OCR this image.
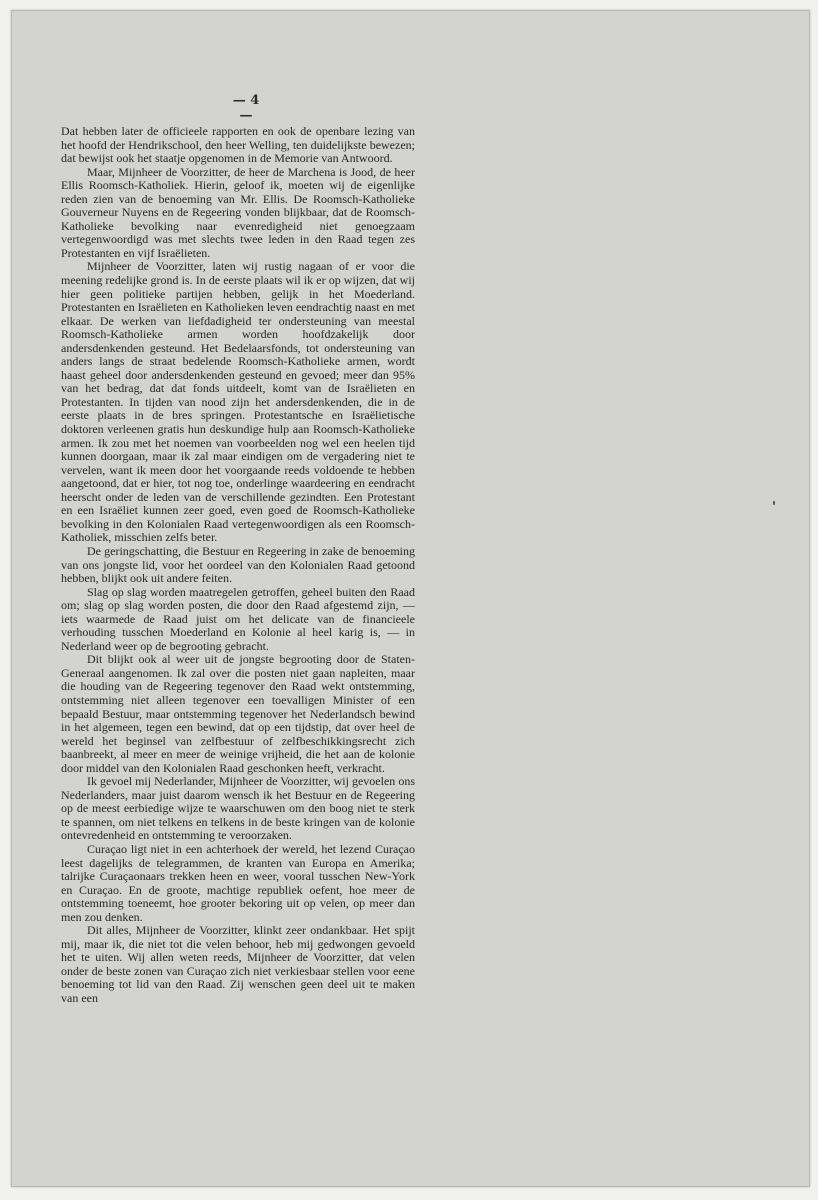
— 4 —

Dat hebben later de officieele rapporten en ook de openbare lezing van het hoofd der Hendrikschool, den heer Welling, ten duidelijkste bewezen; dat bewijst ook het staatje opgenomen in de Memorie van Antwoord.

Maar, Mijnheer de Voorzitter, de heer de Marchena is Jood, de heer Ellis Roomsch-Katholiek. Hierin, geloof ik, moeten wij de eigenlijke reden zien van de benoeming van Mr. Ellis. De Roomsch-Katholieke Gouverneur Nuyens en de Regeering vonden blijkbaar, dat de Roomsch-Katholieke bevolking naar evenredigheid niet genoegzaam vertegenwoordigd was met slechts twee leden in den Raad tegen zes Protestanten en vijf Israëlieten.

Mijnheer de Voorzitter, laten wij rustig nagaan of er voor die meening redelijke grond is. In de eerste plaats wil ik er op wijzen, dat wij hier geen politieke partijen hebben, gelijk in het Moederland. Protestanten en Israëlieten en Katholieken leven eendrachtig naast en met elkaar. De werken van liefdadigheid ter ondersteuning van meestal Roomsch-Katholieke armen worden hoofdzakelijk door andersdenkenden gesteund. Het Bedelaarsfonds, tot ondersteuning van anders langs de straat bedelende Roomsch-Katholieke armen, wordt haast geheel door andersdenkenden gesteund en gevoed; meer dan 95% van het bedrag, dat dat fonds uitdeelt, komt van de Israëlieten en Protestanten. In tijden van nood zijn het andersdenkenden, die in de eerste plaats in de bres springen. Protestantsche en Israëlietische doktoren verleenen gratis hun deskundige hulp aan Roomsch-Katholieke armen. Ik zou met het noemen van voorbeelden nog wel een heelen tijd kunnen doorgaan, maar ik zal maar eindigen om de vergadering niet te vervelen, want ik meen door het voorgaande reeds voldoende te hebben aangetoond, dat er hier, tot nog toe, onderlinge waardeering en eendracht heerscht onder de leden van de verschillende gezindten. Een Protestant en een Israëliet kunnen zeer goed, even goed de Roomsch-Katholieke bevolking in den Kolonialen Raad vertegenwoordigen als een Roomsch-Katholiek, misschien zelfs beter.

De geringschatting, die Bestuur en Regeering in zake de benoeming van ons jongste lid, voor het oordeel van den Kolonialen Raad getoond hebben, blijkt ook uit andere feiten.

Slag op slag worden maatregelen getroffen, geheel buiten den Raad om; slag op slag worden posten, die door den Raad afgestemd zijn, — iets waarmede de Raad juist om het delicate van de financieele verhouding tusschen Moederland en Kolonie al heel karig is, — in Nederland weer op de begrooting gebracht.

Dit blijkt ook al weer uit de jongste begrooting door de Staten-Generaal aangenomen. Ik zal over die posten niet gaan napleiten, maar die houding van de Regeering tegenover den Raad wekt ontstemming, ontstemming niet alleen tegenover een toevalligen Minister of een bepaald Bestuur, maar ontstemming tegenover het Nederlandsch bewind in het algemeen, tegen een bewind, dat op een tijdstip, dat over heel de wereld het beginsel van zelfbestuur of zelfbeschikkingsrecht zich baanbreekt, al meer en meer de weinige vrijheid, die het aan de kolonie door middel van den Kolonialen Raad geschonken heeft, verkracht.

Ik gevoel mij Nederlander, Mijnheer de Voorzitter, wij gevoelen ons Nederlanders, maar juist daarom wensch ik het Bestuur en de Regeering op de meest eerbiedige wijze te waarschuwen om den boog niet te sterk te spannen, om niet telkens en telkens in de beste kringen van de kolonie ontevredenheid en ontstemming te veroorzaken.

Curaçao ligt niet in een achterhoek der wereld, het lezend Curaçao leest dagelijks de telegrammen, de kranten van Europa en Amerika; talrijke Curaçaonaars trekken heen en weer, vooral tusschen New-York en Curaçao. En de groote, machtige republiek oefent, hoe meer de ontstemming toeneemt, hoe grooter bekoring uit op velen, op meer dan men zou denken.

Dit alles, Mijnheer de Voorzitter, klinkt zeer ondankbaar. Het spijt mij, maar ik, die niet tot die velen behoor, heb mij gedwongen gevoeld het te uiten. Wij allen weten reeds, Mijnheer de Voorzitter, dat velen onder de beste zonen van Curaçao zich niet verkiesbaar stellen voor eene benoeming tot lid van den Raad. Zij wenschen geen deel uit te maken van een
